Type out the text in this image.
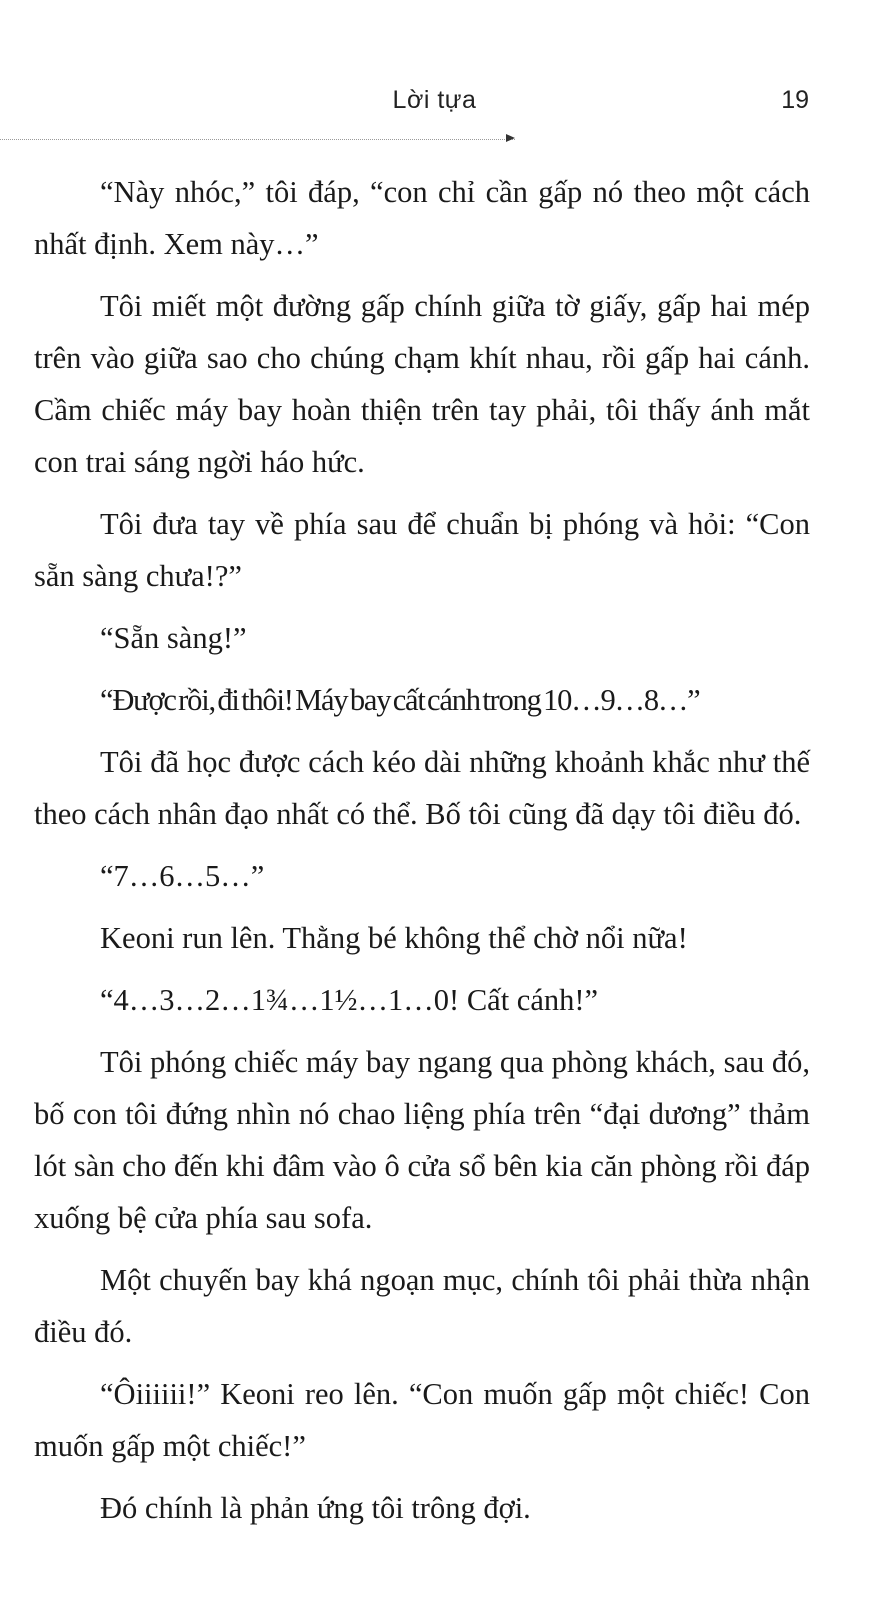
Lời tựa	19

“Này nhóc,” tôi đáp, “con chỉ cần gấp nó theo một cách nhất định. Xem này…”

Tôi miết một đường gấp chính giữa tờ giấy, gấp hai mép trên vào giữa sao cho chúng chạm khít nhau, rồi gấp hai cánh. Cầm chiếc máy bay hoàn thiện trên tay phải, tôi thấy ánh mắt con trai sáng ngời háo hức.

Tôi đưa tay về phía sau để chuẩn bị phóng và hỏi: “Con sẵn sàng chưa!?”

“Sẵn sàng!”

“Được rồi, đi thôi! Máy bay cất cánh trong 10…9…8…”

Tôi đã học được cách kéo dài những khoảnh khắc như thế theo cách nhân đạo nhất có thể. Bố tôi cũng đã dạy tôi điều đó.

“7…6…5…”

Keoni run lên. Thằng bé không thể chờ nổi nữa!

“4…3…2…1¾…1½…1…0! Cất cánh!”

Tôi phóng chiếc máy bay ngang qua phòng khách, sau đó, bố con tôi đứng nhìn nó chao liệng phía trên “đại dương” thảm lót sàn cho đến khi đâm vào ô cửa sổ bên kia căn phòng rồi đáp xuống bệ cửa phía sau sofa.

Một chuyến bay khá ngoạn mục, chính tôi phải thừa nhận điều đó.

“Ôiiiiii!” Keoni reo lên. “Con muốn gấp một chiếc! Con muốn gấp một chiếc!”

Đó chính là phản ứng tôi trông đợi.
